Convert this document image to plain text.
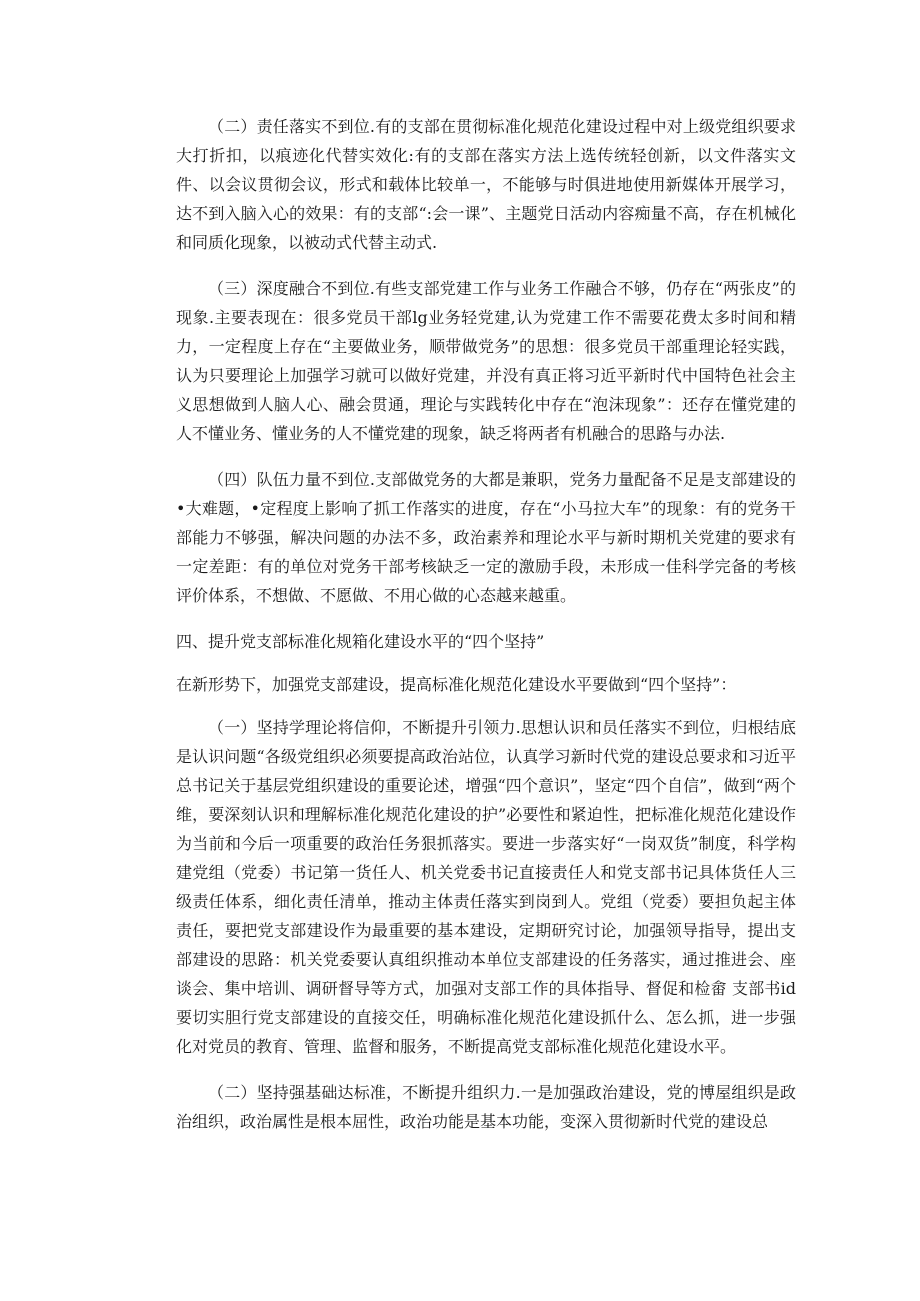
（二）责任落实不到位.有的支部在贯彻标准化规范化建设过程中对上级党组织要求大打折扣，以痕迹化代替实效化:有的支部在落实方法上选传统轻创新，以文件落实文件、以会议贯彻会议，形式和载体比较单一，不能够与时俱进地使用新媒体开展学习，达不到入脑入心的效果：有的支部“:会一课”、主题党日活动内容痴量不高，存在机械化和同质化现象，以被动式代替主动式.

（三）深度融合不到位.有些支部党建工作与业务工作融合不够，仍存在“两张皮”的现象.主要表现在：很多党员干部lg业务轻党建,认为党建工作不需要花费太多时间和精力，一定程度上存在“主要做业务，顺带做党务”的思想：很多党员干部重理论轻实践，认为只要理论上加强学习就可以做好党建，并没有真正将习近平新时代中国特色社会主义思想做到人脑人心、融会贯通，理论与实践转化中存在“泡沫现象”：还存在懂党建的人不懂业务、懂业务的人不懂党建的现象，缺乏将两者有机融合的思路与办法.

（四）队伍力量不到位.支部做党务的大都是兼职，党务力量配备不足是支部建设的•大难题，•定程度上影响了抓工作落实的进度，存在“小马拉大车”的现象：有的党务干部能力不够强，解决问题的办法不多，政治素养和理论水平与新时期机关党建的要求有一定差距：有的单位对党务干部考核缺乏一定的激励手段，未形成一佳科学完备的考核评价体系，不想做、不愿做、不用心做的心态越来越重。

四、提升党支部标准化规箱化建设水平的“四个坚持”

在新形势下，加强党支部建设，提高标准化规范化建设水平要做到“四个坚持”：

（一）坚持学理论将信仰，不断提升引领力.思想认识和员任落实不到位，归根结底是认识问题“各级党组织必须要提高政治站位，认真学习新时代党的建设总要求和习近平总书记关于基层党组织建设的重要论述，增强“四个意识”，坚定“四个自信”，做到“两个维，要深刻认识和理解标准化规范化建设的护”必要性和紧迫性，把标准化规范化建设作为当前和今后一项重要的政治任务狠抓落实。要进一步落实好“一岗双货”制度，科学构建党组（党委）书记第一货任人、机关党委书记直接责任人和党支部书记具体货任人三级责任体系，细化责任清单，推动主体责任落实到岗到人。党组（党委）要担负起主体责任，要把党支部建设作为最重要的基本建设，定期研究讨论，加强领导指导，提出支部建设的思路：机关党委要认真组织推动本单位支部建设的任务落实，通过推进会、座谈会、集中培训、调研督导等方式，加强对支部工作的具体指导、督促和检畲 支部书id要切实胆行党支部建设的直接交任，明确标准化规范化建设抓什么、怎么抓，进一步强化对党员的教育、管理、监督和服务，不断提高党支部标准化规范化建设水平。

（二）坚持强基础达标准，不断提升组织力.一是加强政治建设，党的博屋组织是政治组织，政治属性是根本屈性，政治功能是基本功能，变深入贯彻新时代党的建设总
